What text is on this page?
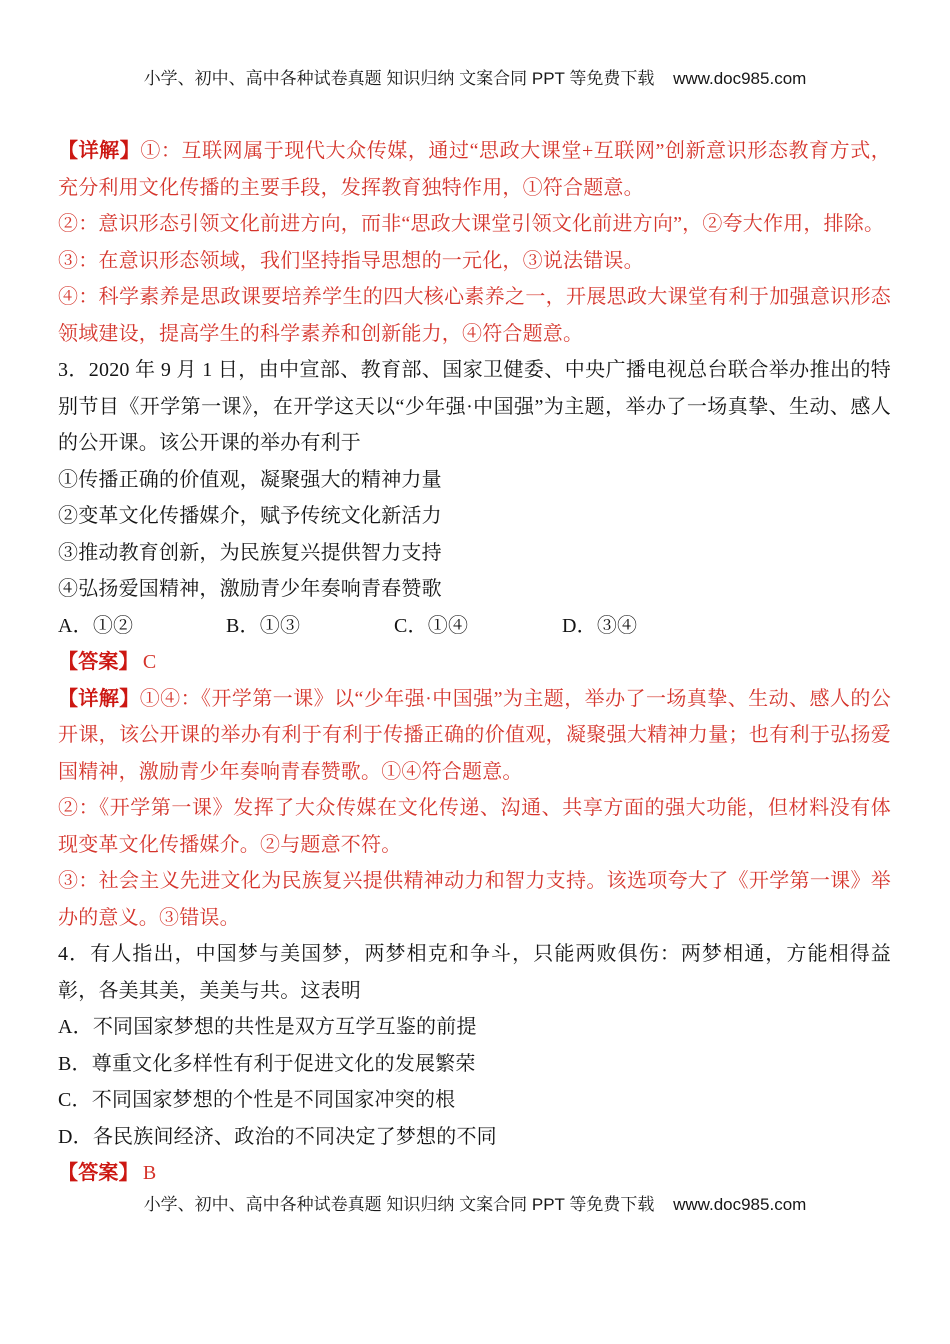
小学、初中、高中各种试卷真题 知识归纳 文案合同 PPT 等免费下载 www.doc985.com

【详解】①：互联网属于现代大众传媒，通过“思政大课堂+互联网”创新意识形态教育方式，充分利用文化传播的主要手段，发挥教育独特作用，①符合题意。

②：意识形态引领文化前进方向，而非“思政大课堂引领文化前进方向”，②夸大作用，排除。

③：在意识形态领域，我们坚持指导思想的一元化，③说法错误。

④：科学素养是思政课要培养学生的四大核心素养之一，开展思政大课堂有利于加强意识形态领域建设，提高学生的科学素养和创新能力，④符合题意。

3．2020 年 9 月 1 日，由中宣部、教育部、国家卫健委、中央广播电视总台联合举办推出的特别节目《开学第一课》，在开学这天以“少年强·中国强”为主题，举办了一场真挚、生动、感人的公开课。该公开课的举办有利于

①传播正确的价值观，凝聚强大的精神力量

②变革文化传播媒介，赋予传统文化新活力

③推动教育创新，为民族复兴提供智力支持

④弘扬爱国精神，激励青少年奏响青春赞歌

A．①②	B．①③	C．①④	D．③④

【答案】 C

【详解】①④：《开学第一课》以“少年强·中国强”为主题，举办了一场真挚、生动、感人的公开课，该公开课的举办有利于有利于传播正确的价值观，凝聚强大精神力量；也有利于弘扬爱国精神，激励青少年奏响青春赞歌。①④符合题意。

②：《开学第一课》发挥了大众传媒在文化传递、沟通、共享方面的强大功能，但材料没有体现变革文化传播媒介。②与题意不符。

③：社会主义先进文化为民族复兴提供精神动力和智力支持。该选项夸大了《开学第一课》举办的意义。③错误。

4．有人指出，中国梦与美国梦，两梦相克和争斗，只能两败俱伤：两梦相通，方能相得益彰，各美其美，美美与共。这表明

A．不同国家梦想的共性是双方互学互鉴的前提

B．尊重文化多样性有利于促进文化的发展繁荣

C．不同国家梦想的个性是不同国家冲突的根

D．各民族间经济、政治的不同决定了梦想的不同

【答案】 B

小学、初中、高中各种试卷真题 知识归纳 文案合同 PPT 等免费下载 www.doc985.com
